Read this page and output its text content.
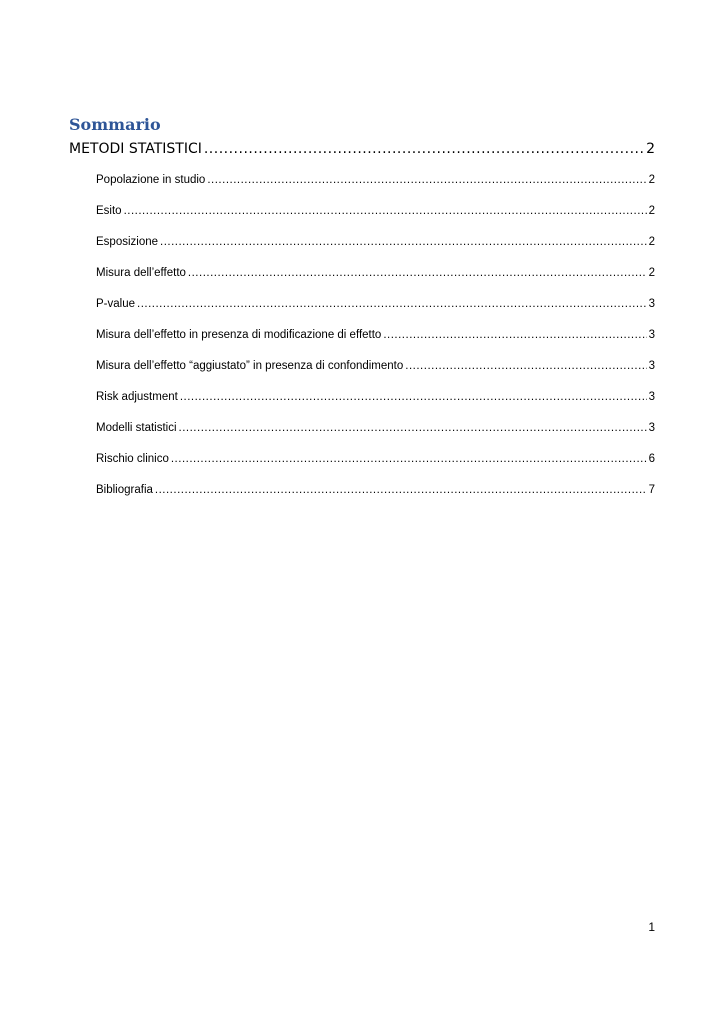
Sommario
METODI STATISTICI .....	2
Popolazione in studio .....	2
Esito .....	2
Esposizione .....	2
Misura dell’effetto .....	2
P-value .....	3
Misura dell’effetto in presenza di modificazione di effetto .....	3
Misura dell’effetto “aggiustato” in presenza di confondimento .....	3
Risk adjustment .....	3
Modelli statistici .....	3
Rischio clinico .....	6
Bibliografia .....	7
1
